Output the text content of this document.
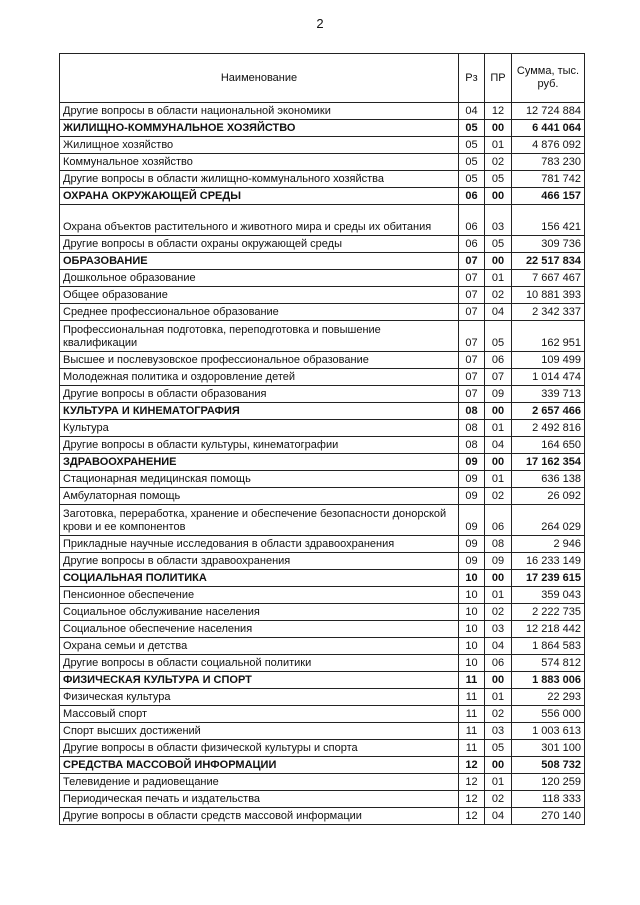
2
Наименование	Рз	ПР	Сумма, тыс. руб.
Другие вопросы в области национальной экономики	04	12	12 724 884
ЖИЛИЩНО-КОММУНАЛЬНОЕ ХОЗЯЙСТВО	05	00	6 441 064
Жилищное хозяйство	05	01	4 876 092
Коммунальное хозяйство	05	02	783 230
Другие вопросы в области жилищно-коммунального хозяйства	05	05	781 742
ОХРАНА ОКРУЖАЮЩЕЙ СРЕДЫ	06	00	466 157
Охрана объектов растительного и животного мира и среды их обитания	06	03	156 421
Другие вопросы в области охраны окружающей среды	06	05	309 736
ОБРАЗОВАНИЕ	07	00	22 517 834
Дошкольное образование	07	01	7 667 467
Общее образование	07	02	10 881 393
Среднее профессиональное образование	07	04	2 342 337
Профессиональная подготовка, переподготовка и повышение квалификации	07	05	162 951
Высшее и послевузовское профессиональное образование	07	06	109 499
Молодежная политика и оздоровление детей	07	07	1 014 474
Другие вопросы в области образования	07	09	339 713
КУЛЬТУРА И КИНЕМАТОГРАФИЯ	08	00	2 657 466
Культура	08	01	2 492 816
Другие вопросы в области культуры, кинематографии	08	04	164 650
ЗДРАВООХРАНЕНИЕ	09	00	17 162 354
Стационарная медицинская помощь	09	01	636 138
Амбулаторная помощь	09	02	26 092
Заготовка, переработка, хранение и обеспечение безопасности донорской крови и ее компонентов	09	06	264 029
Прикладные научные исследования в области здравоохранения	09	08	2 946
Другие вопросы в области здравоохранения	09	09	16 233 149
СОЦИАЛЬНАЯ ПОЛИТИКА	10	00	17 239 615
Пенсионное обеспечение	10	01	359 043
Социальное обслуживание населения	10	02	2 222 735
Социальное обеспечение населения	10	03	12 218 442
Охрана семьи и детства	10	04	1 864 583
Другие вопросы в области социальной политики	10	06	574 812
ФИЗИЧЕСКАЯ КУЛЬТУРА И СПОРТ	11	00	1 883 006
Физическая культура	11	01	22 293
Массовый спорт	11	02	556 000
Спорт высших достижений	11	03	1 003 613
Другие вопросы в области физической культуры и спорта	11	05	301 100
СРЕДСТВА МАССОВОЙ ИНФОРМАЦИИ	12	00	508 732
Телевидение и радиовещание	12	01	120 259
Периодическая печать и издательства	12	02	118 333
Другие вопросы в области средств массовой информации	12	04	270 140
